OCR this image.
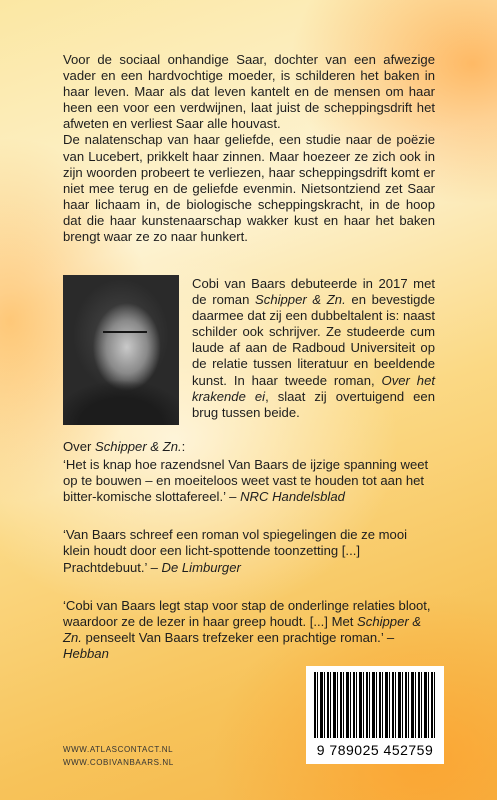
Voor de sociaal onhandige Saar, dochter van een afwezige vader en een hardvochtige moeder, is schilderen het baken in haar leven. Maar als dat leven kantelt en de mensen om haar heen een voor een verdwijnen, laat juist de scheppingsdrift het afweten en verliest Saar alle houvast.

De nalatenschap van haar geliefde, een studie naar de poëzie van Lucebert, prikkelt haar zinnen. Maar hoezeer ze zich ook in zijn woorden probeert te verliezen, haar scheppingsdrift komt er niet mee terug en de geliefde evenmin. Nietsontziend zet Saar haar lichaam in, de biologische scheppingskracht, in de hoop dat die haar kunstenaarschap wakker kust en haar het baken brengt waar ze zo naar hunkert.

Cobi van Baars debuteerde in 2017 met de roman Schipper & Zn. en bevestigde daarmee dat zij een dubbeltalent is: naast schilder ook schrijver. Ze studeerde cum laude af aan de Radboud Universiteit op de relatie tussen literatuur en beeldende kunst. In haar tweede roman, Over het krakende ei, slaat zij overtuigend een brug tussen beide.

Over Schipper & Zn.:

‘Het is knap hoe razendsnel Van Baars de ijzige spanning weet op te bouwen – en moeiteloos weet vast te houden tot aan het bitter-komische slottafereel.’ – NRC Handelsblad

‘Van Baars schreef een roman vol spiegelingen die ze mooi klein houdt door een licht-spottende toonzetting [...] Prachtdebuut.’ – De Limburger

‘Cobi van Baars legt stap voor stap de onderlinge relaties bloot, waardoor ze de lezer in haar greep houdt. [...] Met Schipper & Zn. penseelt Van Baars trefzeker een prachtige roman.’ – Hebban

9 789025 452759
WWW.ATLASCONTACT.NL
WWW.COBIVANBAARS.NL
